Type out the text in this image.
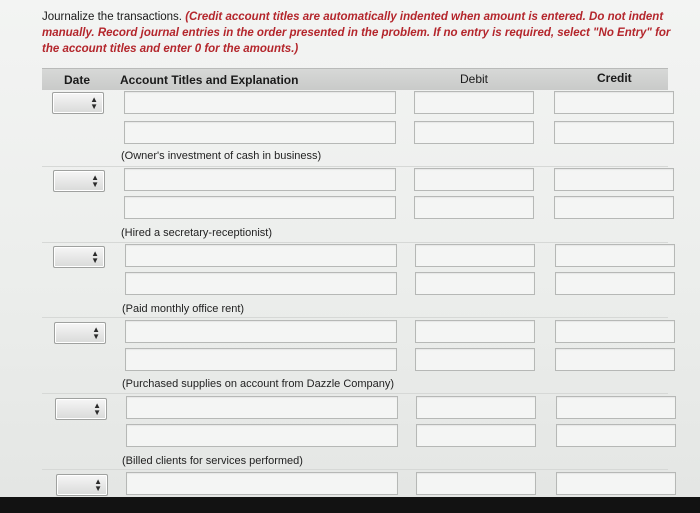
Journalize the transactions. (Credit account titles are automatically indented when amount is entered. Do not indent manually. Record journal entries in the order presented in the problem. If no entry is required, select "No Entry" for the account titles and enter 0 for the amounts.)

Date Account Titles and Explanation	Debit	Credit
▲
▼
(Owner's investment of cash in business)
▲
▼
(Hired a secretary-receptionist)
▲
▼
(Paid monthly office rent)
▲
▼
(Purchased supplies on account from Dazzle Company)
▲
▼
(Billed clients for services performed)
▲
▼
